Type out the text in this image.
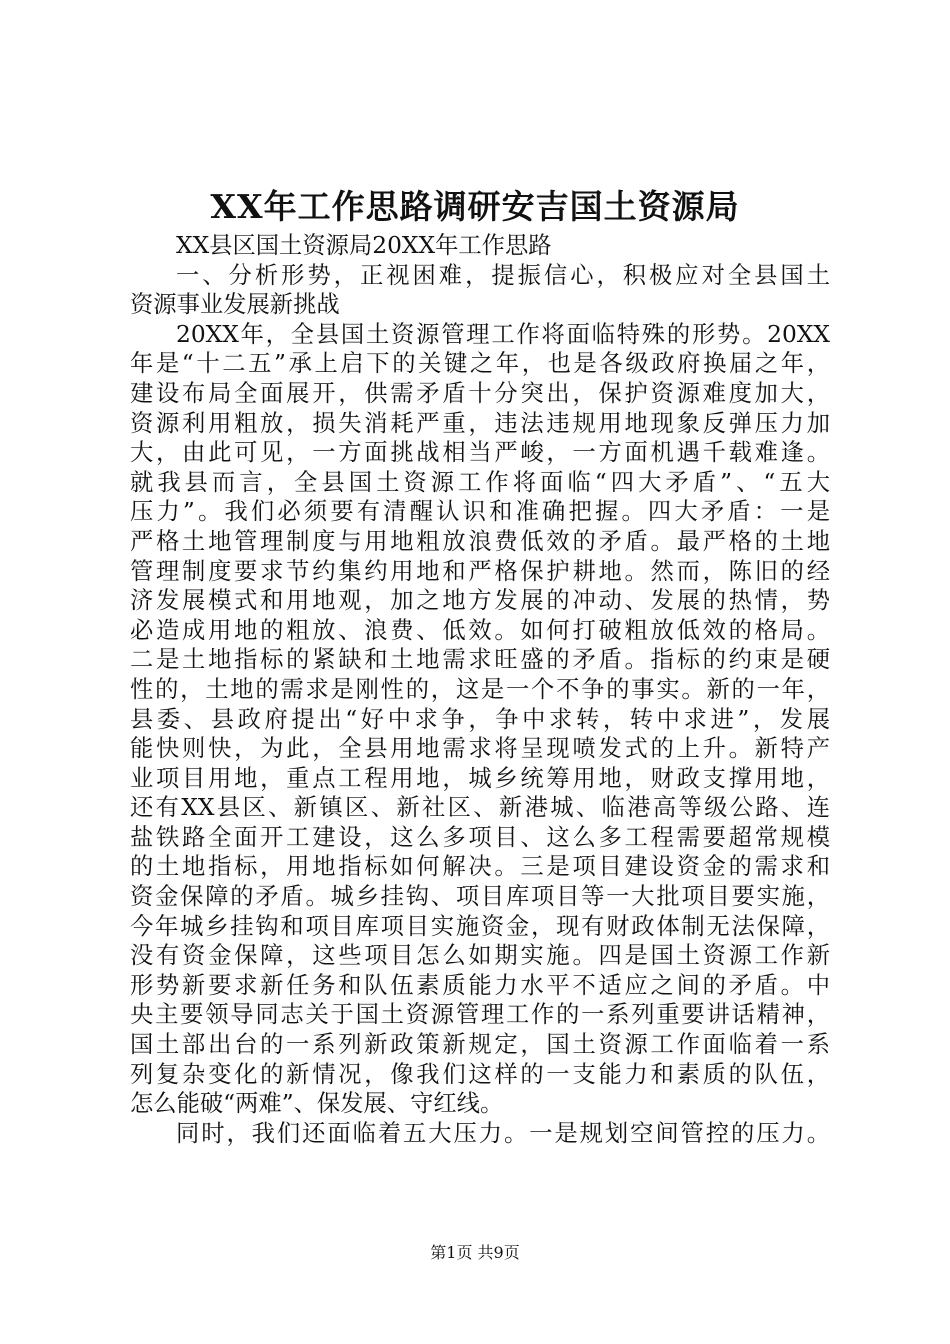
XX年工作思路调研安吉国土资源局
XX县区国土资源局20XX年工作思路
一、分析形势，正视困难，提振信心，积极应对全县国土
资源事业发展新挑战
20XX年，全县国土资源管理工作将面临特殊的形势。20XX
年是“十二五”承上启下的关键之年，也是各级政府换届之年，
建设布局全面展开，供需矛盾十分突出，保护资源难度加大，
资源利用粗放，损失消耗严重，违法违规用地现象反弹压力加
大，由此可见，一方面挑战相当严峻，一方面机遇千载难逢。
就我县而言，全县国土资源工作将面临“四大矛盾”、“五大
压力”。我们必须要有清醒认识和准确把握。四大矛盾：一是
严格土地管理制度与用地粗放浪费低效的矛盾。最严格的土地
管理制度要求节约集约用地和严格保护耕地。然而，陈旧的经
济发展模式和用地观，加之地方发展的冲动、发展的热情，势
必造成用地的粗放、浪费、低效。如何打破粗放低效的格局。
二是土地指标的紧缺和土地需求旺盛的矛盾。指标的约束是硬
性的，土地的需求是刚性的，这是一个不争的事实。新的一年，
县委、县政府提出“好中求争，争中求转，转中求进”，发展
能快则快，为此，全县用地需求将呈现喷发式的上升。新特产
业项目用地，重点工程用地，城乡统筹用地，财政支撑用地，
还有XX县区、新镇区、新社区、新港城、临港高等级公路、连
盐铁路全面开工建设，这么多项目、这么多工程需要超常规模
的土地指标，用地指标如何解决。三是项目建设资金的需求和
资金保障的矛盾。城乡挂钩、项目库项目等一大批项目要实施，
今年城乡挂钩和项目库项目实施资金，现有财政体制无法保障，
没有资金保障，这些项目怎么如期实施。四是国土资源工作新
形势新要求新任务和队伍素质能力水平不适应之间的矛盾。中
央主要领导同志关于国土资源管理工作的一系列重要讲话精神，
国土部出台的一系列新政策新规定，国土资源工作面临着一系
列复杂变化的新情况，像我们这样的一支能力和素质的队伍，
怎么能破“两难”、保发展、守红线。
同时，我们还面临着五大压力。一是规划空间管控的压力。
第1页 共9页
